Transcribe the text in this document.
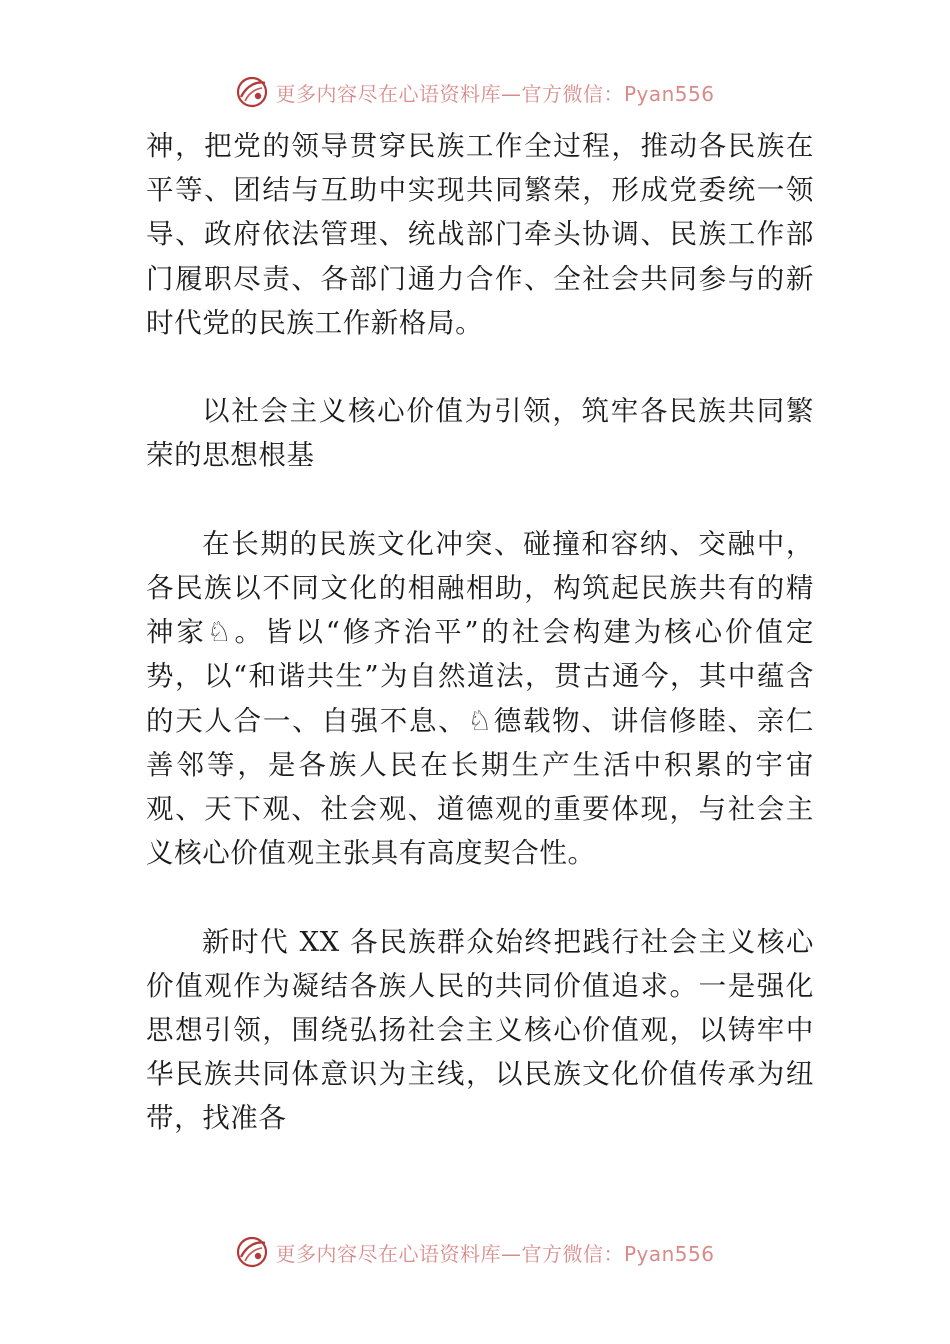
更多内容尽在心语资料库—官方微信：Pyan556

神，把党的领导贯穿民族工作全过程，推动各民族在平等、团结与互助中实现共同繁荣，形成党委统一领导、政府依法管理、统战部门牵头协调、民族工作部门履职尽责、各部门通力合作、全社会共同参与的新时代党的民族工作新格局。

以社会主义核心价值为引领，筑牢各民族共同繁荣的思想根基

在长期的民族文化冲突、碰撞和容纳、交融中，各民族以不同文化的相融相助，构筑起民族共有的精神家♘。皆以“修齐治平”的社会构建为核心价值定势，以“和谐共生”为自然道法，贯古通今，其中蕴含的天人合一、自强不息、♘德载物、讲信修睦、亲仁善邻等，是各族人民在长期生产生活中积累的宇宙观、天下观、社会观、道德观的重要体现，与社会主义核心价值观主张具有高度契合性。

新时代 XX 各民族群众始终把践行社会主义核心价值观作为凝结各族人民的共同价值追求。一是强化思想引领，围绕弘扬社会主义核心价值观，以铸牢中华民族共同体意识为主线，以民族文化价值传承为纽带，找准各

更多内容尽在心语资料库—官方微信：Pyan556
